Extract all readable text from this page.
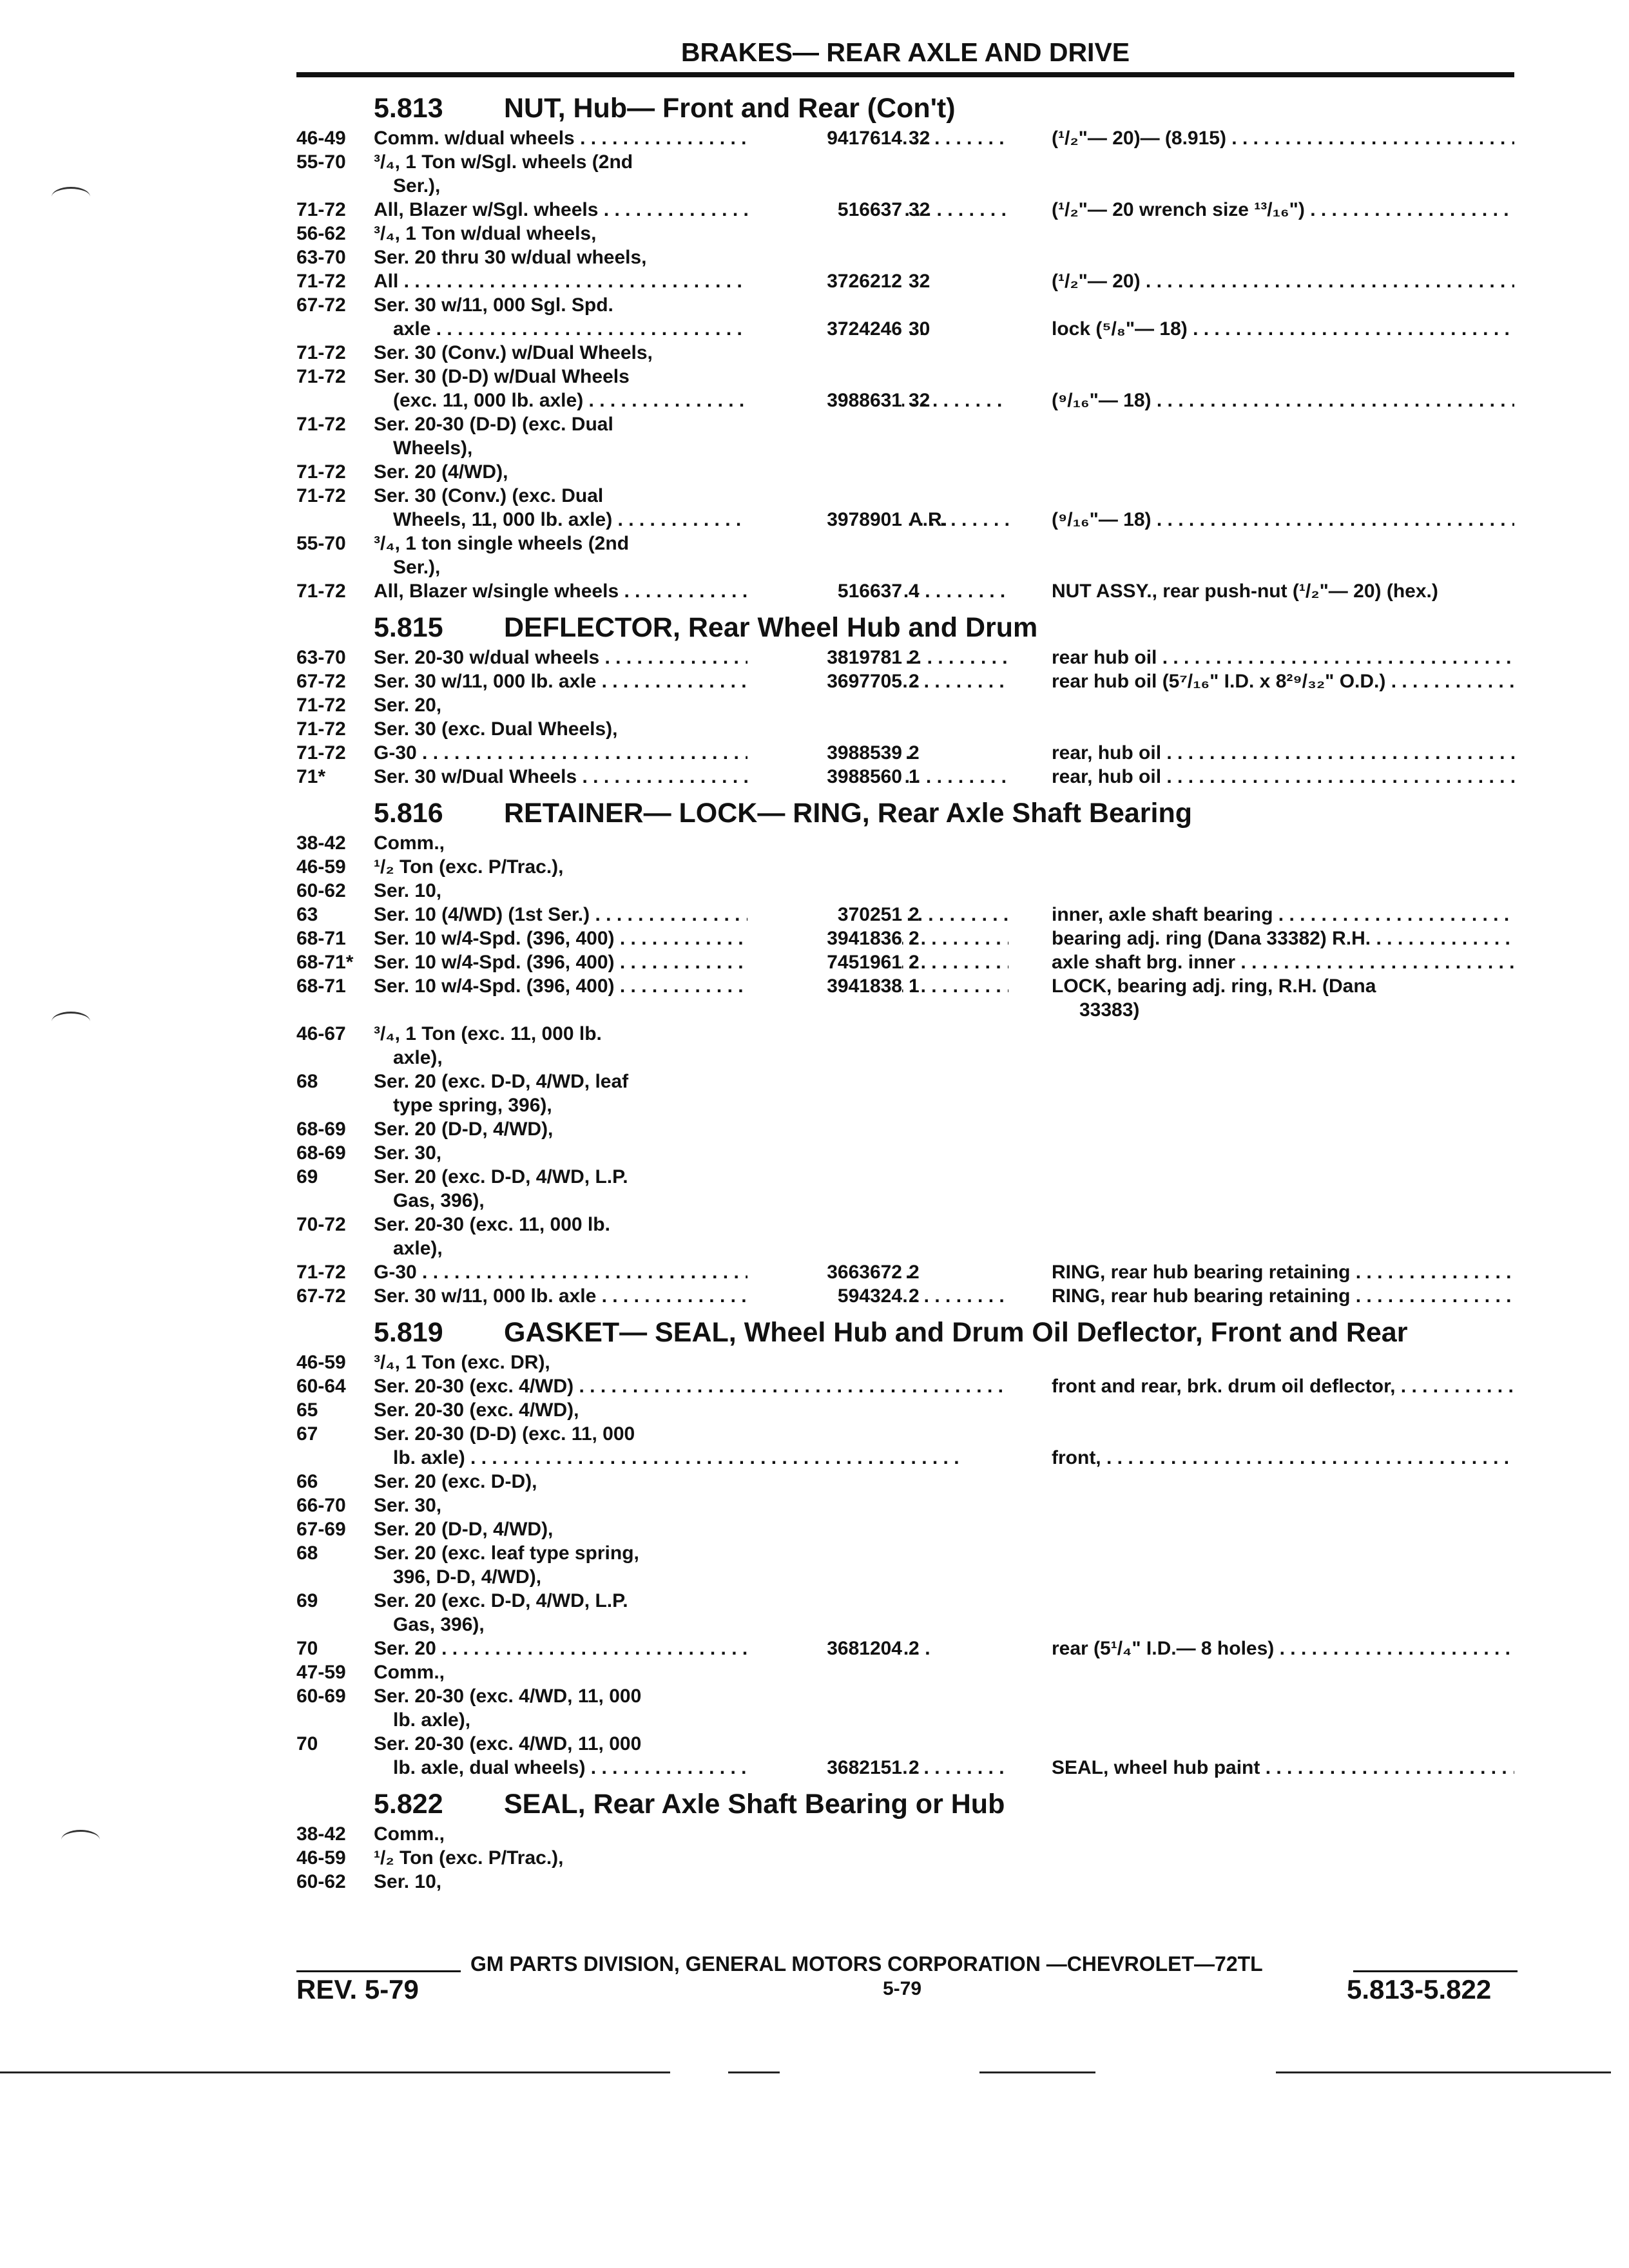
BRAKES— REAR AXLE AND DRIVE
5.813 NUT, Hub— Front and Rear (Con't)
46-49 Comm. w/dual wheels . . .	9417614 32	(¹/₂"— 20)— (8.915) . . .
55-70 ³/₄, 1 Ton w/Sgl. wheels (2nd
Ser.),
71-72 All, Blazer w/Sgl. wheels . . .	516637 32	(¹/₂"— 20 wrench size ¹³/₁₆") . . .
56-62 ³/₄, 1 Ton w/dual wheels,
63-70 Ser. 20 thru 30 w/dual wheels,
71-72 All . . .	3726212 32	(¹/₂"— 20) . . .
67-72 Ser. 30 w/11, 000 Sgl. Spd.
axle . . .	3724246 30	lock (⁵/₈"— 18) . . .
71-72 Ser. 30 (Conv.) w/Dual Wheels,
71-72 Ser. 30 (D-D) w/Dual Wheels
(exc. 11, 000 lb. axle) . . .	3988631 32	(⁹/₁₆"— 18) . . .
71-72 Ser. 20-30 (D-D) (exc. Dual
Wheels),
71-72 Ser. 20 (4/WD),
71-72 Ser. 30 (Conv.) (exc. Dual
Wheels, 11, 000 lb. axle) . . .	3978901 A.R.	(⁹/₁₆"— 18) . . .
55-70 ³/₄, 1 ton single wheels (2nd
Ser.),
71-72 All, Blazer w/single wheels . . .	516637 4	NUT ASSY., rear push-nut (¹/₂"— 20) (hex.)
5.815 DEFLECTOR, Rear Wheel Hub and Drum
63-70 Ser. 20-30 w/dual wheels . . .	3819781 2	rear hub oil . . .
67-72 Ser. 30 w/11, 000 lb. axle . . .	3697705 2	rear hub oil (5⁷/₁₆" I.D. x 8²⁹/₃₂" O.D.) . . .
71-72 Ser. 20,
71-72 Ser. 30 (exc. Dual Wheels),
71-72 G-30 . . .	3988539 2	rear, hub oil . . .
71* Ser. 30 w/Dual Wheels . . .	3988560 1	rear, hub oil . . .
5.816 RETAINER— LOCK— RING, Rear Axle Shaft Bearing
38-42 Comm.,
46-59 ¹/₂ Ton (exc. P/Trac.),
60-62 Ser. 10,
63	Ser. 10 (4/WD) (1st Ser.) . . .	370251 2	inner, axle shaft bearing . . .
68-71 Ser. 10 w/4-Spd. (396, 400) . . .	3941836 2	bearing adj. ring (Dana 33382) R.H. . . .
68-71* Ser. 10 w/4-Spd. (396, 400) . . .	7451961 2	axle shaft brg. inner . . .
68-71 Ser. 10 w/4-Spd. (396, 400) . . .	3941838 1	LOCK, bearing adj. ring, R.H. (Dana
33383)
46-67 ³/₄, 1 Ton (exc. 11, 000 lb.
axle),
68	Ser. 20 (exc. D-D, 4/WD, leaf
type spring, 396),
68-69 Ser. 20 (D-D, 4/WD),
68-69 Ser. 30,
69	Ser. 20 (exc. D-D, 4/WD, L.P.
Gas, 396),
70-72 Ser. 20-30 (exc. 11, 000 lb.
axle),
71-72 G-30 . . .	3663672 2	RING, rear hub bearing retaining . . .
67-72 Ser. 30 w/11, 000 lb. axle . . .	594324 2	RING, rear hub bearing retaining . . .
5.819 GASKET— SEAL, Wheel Hub and Drum Oil Deflector, Front and Rear
46-59 ³/₄, 1 Ton (exc. DR),
60-64 Ser. 20-30 (exc. 4/WD) . . .	front and rear, brk. drum oil deflector, . . .
65	Ser. 20-30 (exc. 4/WD),
67	Ser. 20-30 (D-D) (exc. 11, 000
lb. axle) . . .	front, . . .
66	Ser. 20 (exc. D-D),
66-70 Ser. 30,
67-69 Ser. 20 (D-D, 4/WD),
68	Ser. 20 (exc. leaf type spring,
396, D-D, 4/WD),
69	Ser. 20 (exc. D-D, 4/WD, L.P.
Gas, 396),
70	Ser. 20 . . .	3681204 2	rear (5¹/₄" I.D.— 8 holes) . . .
47-59 Comm.,
60-69 Ser. 20-30 (exc. 4/WD, 11, 000
lb. axle),
70	Ser. 20-30 (exc. 4/WD, 11, 000
lb. axle, dual wheels) . . .	3682151 2	SEAL, wheel hub paint . . .
5.822 SEAL, Rear Axle Shaft Bearing or Hub
38-42 Comm.,
46-59 ¹/₂ Ton (exc. P/Trac.),
60-62 Ser. 10,
GM PARTS DIVISION, GENERAL MOTORS CORPORATION —CHEVROLET—72TL
REV. 5-79	5-79	5.813-5.822
